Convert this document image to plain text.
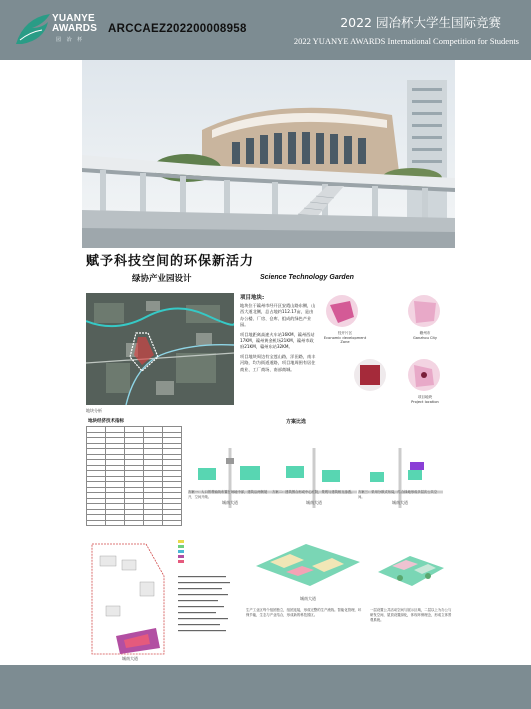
YUANYE
AWARDS
园 冶 杯
ARCCAEZ202200008958	2022 园冶杯大学生国际竞赛
2022 YUANYE AWARDS International Competition for Students
赋予科技空间的环保新活力
绿协产业园设计	Science Technology Garden
地块分析
项目地块:

地块位于赣州市经开区安霞山路东侧，山西大道北侧，总占地约112.17亩，是由办公楼、厂房、仓库、组成的绿色产业园。

项目地距离高速火车站16KM，赣州西站17KM，赣州黄金机场21KM，赣州市政府21KM，赣州东站32KM。

项目地块周边有宝莲山路，洋田路，南丰河路，均为街道道路，项目地周围有居住商业、工厂商场、南部商城。

经开片区
Economic development Zone
赣州市
Ganzhou City
项目地块
Project location
地块经济技术指标

					方案比选
城南大道	城南大道	城南大道
方案一：入口景观轴线布置在场地中部，建筑沿两侧展开，空间开敞。
方案二：建筑围合形成中心庭院，景观与建筑相互渗透。	方案三：采用分散式布局，结合绿地形成多层次公共空间。
城南大道
城南大道
生产工业区每个组团独立，组团连接，形成完整的生产流线。智能化管理，环保节能，生态与产业结合，形成新的科技园区。
一层设置公共活动空间与展示区域，二层以上为办公与研发空间，屋顶设置绿化，体现环保理念，形成立体景观系统。
